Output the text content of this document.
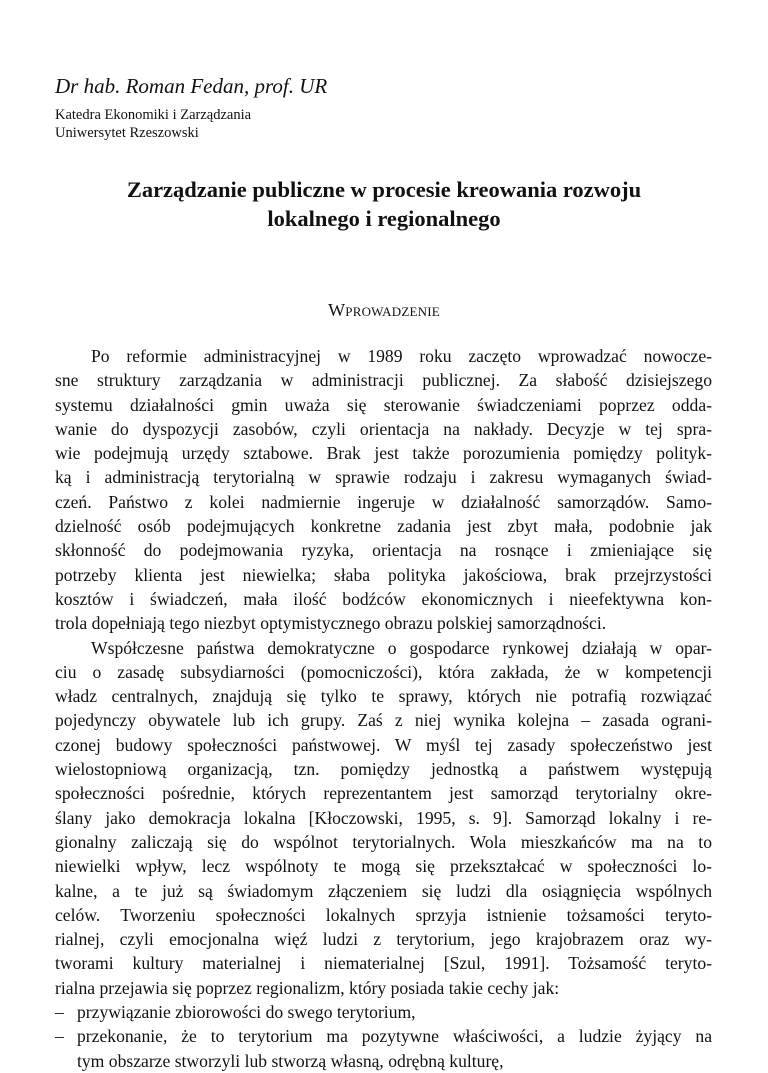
Dr hab. Roman Fedan, prof. UR
Katedra Ekonomiki i Zarządzania
Uniwersytet Rzeszowski
Zarządzanie publiczne w procesie kreowania rozwoju
lokalnego i regionalnego
Wprowadzenie
Po reformie administracyjnej w 1989 roku zaczęto wprowadzać nowocze-
sne struktury zarządzania w administracji publicznej. Za słabość dzisiejszego
systemu działalności gmin uważa się sterowanie świadczeniami poprzez odda-
wanie do dyspozycji zasobów, czyli orientacja na nakłady. Decyzje w tej spra-
wie podejmują urzędy sztabowe. Brak jest także porozumienia pomiędzy polityk-
ką i administracją terytorialną w sprawie rodzaju i zakresu wymaganych świad-
czeń. Państwo z kolei nadmiernie ingeruje w działalność samorządów. Samo-
dzielność osób podejmujących konkretne zadania jest zbyt mała, podobnie jak
skłonność do podejmowania ryzyka, orientacja na rosnące i zmieniające się
potrzeby klienta jest niewielka; słaba polityka jakościowa, brak przejrzystości
kosztów i świadczeń, mała ilość bodźców ekonomicznych i nieefektywna kon-
trola dopełniają tego niezbyt optymistycznego obrazu polskiej samorządności.
Współczesne państwa demokratyczne o gospodarce rynkowej działają w opar-
ciu o zasadę subsydiarności (pomocniczości), która zakłada, że w kompetencji
władz centralnych, znajdują się tylko te sprawy, których nie potrafią rozwiązać
pojedynczy obywatele lub ich grupy. Zaś z niej wynika kolejna – zasada ograni-
czonej budowy społeczności państwowej. W myśl tej zasady społeczeństwo jest
wielostopniową organizacją, tzn. pomiędzy jednostką a państwem występują
społeczności pośrednie, których reprezentantem jest samorząd terytorialny okre-
ślany jako demokracja lokalna [Kłoczowski, 1995, s. 9]. Samorząd lokalny i re-
gionalny zaliczają się do wspólnot terytorialnych. Wola mieszkańców ma na to
niewielki wpływ, lecz wspólnoty te mogą się przekształcać w społeczności lo-
kalne, a te już są świadomym złączeniem się ludzi dla osiągnięcia wspólnych
celów. Tworzeniu społeczności lokalnych sprzyja istnienie tożsamości teryto-
rialnej, czyli emocjonalna więź ludzi z terytorium, jego krajobrazem oraz wy-
tworami kultury materialnej i niematerialnej [Szul, 1991]. Tożsamość teryto-
rialna przejawia się poprzez regionalizm, który posiada takie cechy jak:
– przywiązanie zbiorowości do swego terytorium,
– przekonanie, że to terytorium ma pozytywne właściwości, a ludzie żyjący na
tym obszarze stworzyli lub stworzą własną, odrębną kulturę,
